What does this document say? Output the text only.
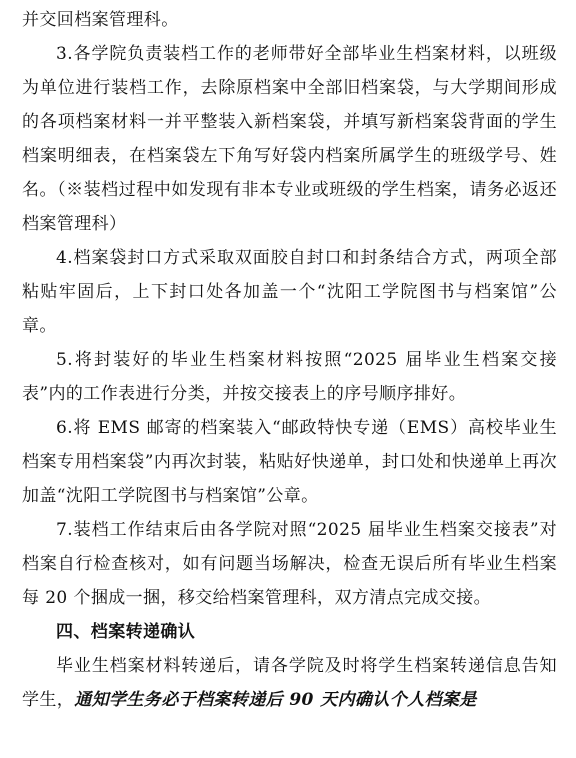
并交回档案管理科。

3.各学院负责装档工作的老师带好全部毕业生档案材料，以班级为单位进行装档工作，去除原档案中全部旧档案袋，与大学期间形成的各项档案材料一并平整装入新档案袋，并填写新档案袋背面的学生档案明细表，在档案袋左下角写好袋内档案所属学生的班级学号、姓名。（※装档过程中如发现有非本专业或班级的学生档案，请务必返还档案管理科）

4.档案袋封口方式采取双面胶自封口和封条结合方式，两项全部粘贴牢固后，上下封口处各加盖一个“沈阳工学院图书与档案馆”公章。

5.将封装好的毕业生档案材料按照“2025 届毕业生档案交接表”内的工作表进行分类，并按交接表上的序号顺序排好。

6.将 EMS 邮寄的档案装入“邮政特快专递（EMS）高校毕业生档案专用档案袋”内再次封装，粘贴好快递单，封口处和快递单上再次加盖“沈阳工学院图书与档案馆”公章。

7.装档工作结束后由各学院对照“2025 届毕业生档案交接表”对档案自行检查核对，如有问题当场解决，检查无误后所有毕业生档案每 20 个捆成一捆，移交给档案管理科，双方清点完成交接。

四、档案转递确认

毕业生档案材料转递后，请各学院及时将学生档案转递信息告知学生，通知学生务必于档案转递后 90 天内确认个人档案是
